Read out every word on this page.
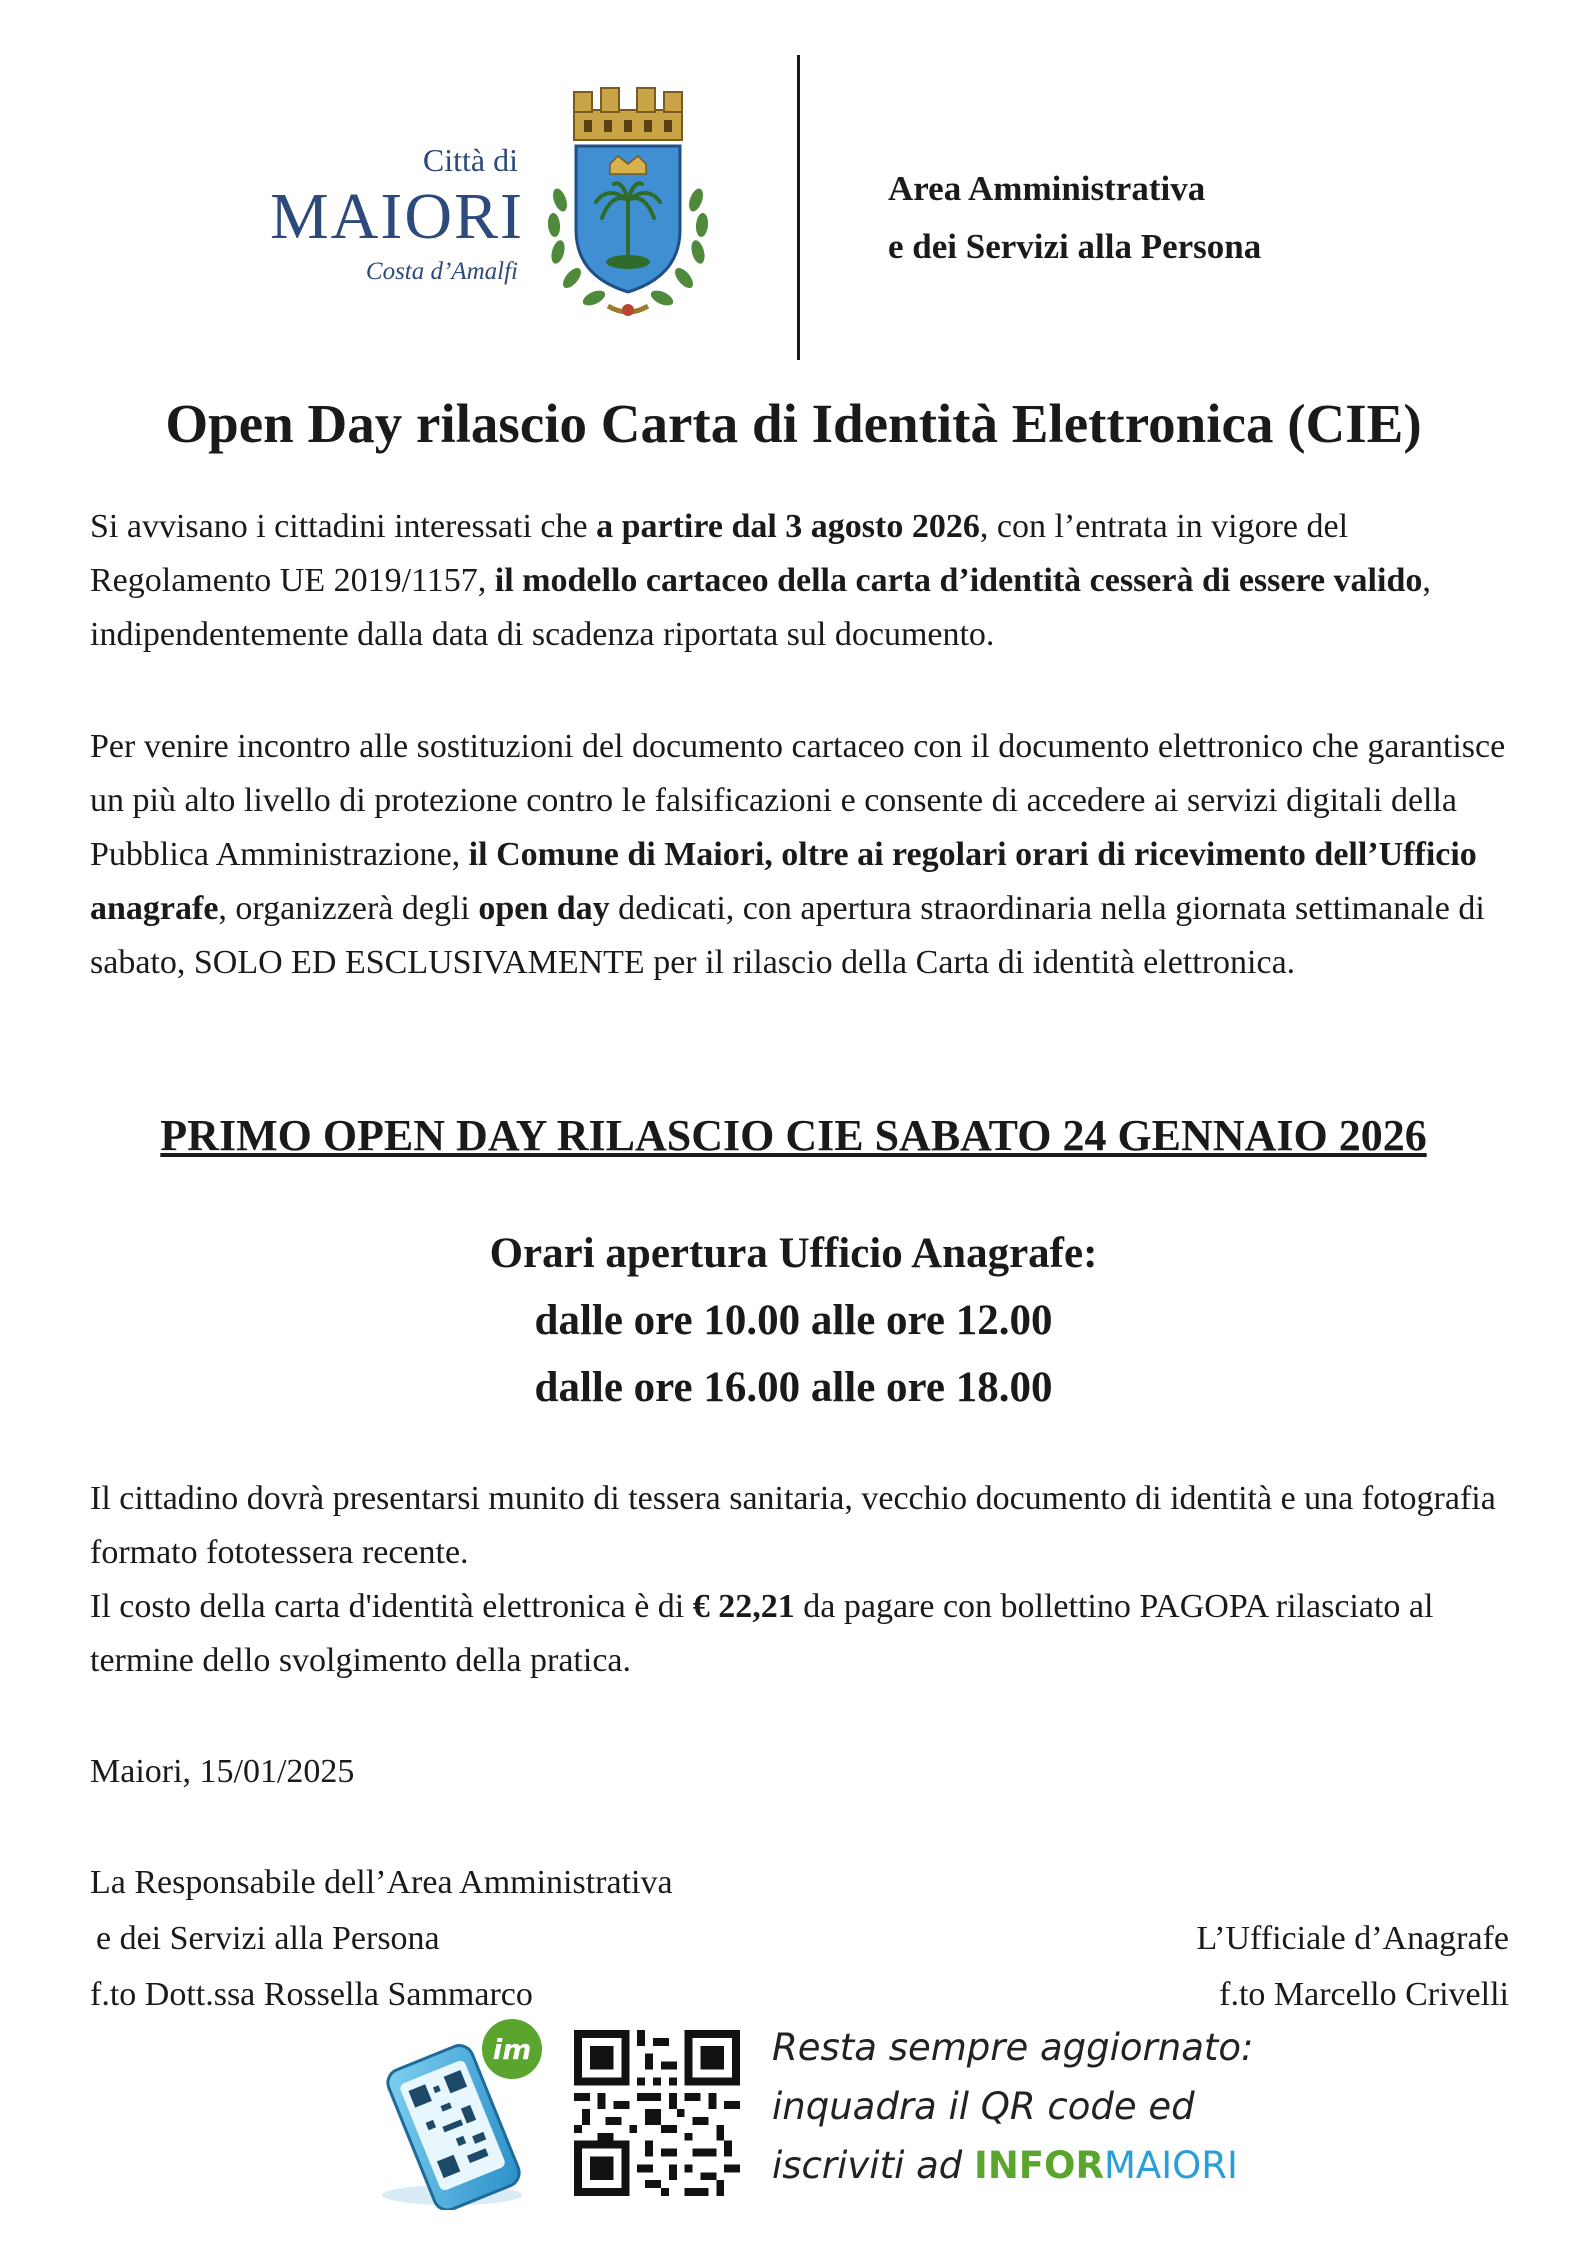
Città di
MAIORI
Costa d’Amalfi
Area Amministrativa
e dei Servizi alla Persona
Open Day rilascio Carta di Identità Elettronica (CIE)

Si avvisano i cittadini interessati che a partire dal 3 agosto 2026, con l’entrata in vigore del Regolamento UE 2019/1157, il modello cartaceo della carta d’identità cesserà di essere valido, indipendentemente dalla data di scadenza riportata sul documento.

Per venire incontro alle sostituzioni del documento cartaceo con il documento elettronico che garantisce un più alto livello di protezione contro le falsificazioni e consente di accedere ai servizi digitali della Pubblica Amministrazione, il Comune di Maiori, oltre ai regolari orari di ricevimento dell’Ufficio anagrafe, organizzerà degli open day dedicati, con apertura straordinaria nella giornata settimanale di sabato, SOLO ED ESCLUSIVAMENTE per il rilascio della Carta di identità elettronica.

PRIMO OPEN DAY RILASCIO CIE SABATO 24 GENNAIO 2026
Orari apertura Ufficio Anagrafe:
dalle ore 10.00 alle ore 12.00
dalle ore 16.00 alle ore 18.00

Il cittadino dovrà presentarsi munito di tessera sanitaria, vecchio documento di identità e una fotografia formato fototessera recente.
Il costo della carta d'identità elettronica è di € 22,21 da pagare con bollettino PAGOPA rilasciato al termine dello svolgimento della pratica.

Maiori, 15/01/2025
La Responsabile dell’Area Amministrativa
e dei Servizi alla Persona
f.to Dott.ssa Rossella Sammarco
L’Ufficiale d’Anagrafe
f.to Marcello Crivelli
im	Resta sempre aggiornato:
inquadra il QR code ed
iscriviti ad INFORMAIORI
